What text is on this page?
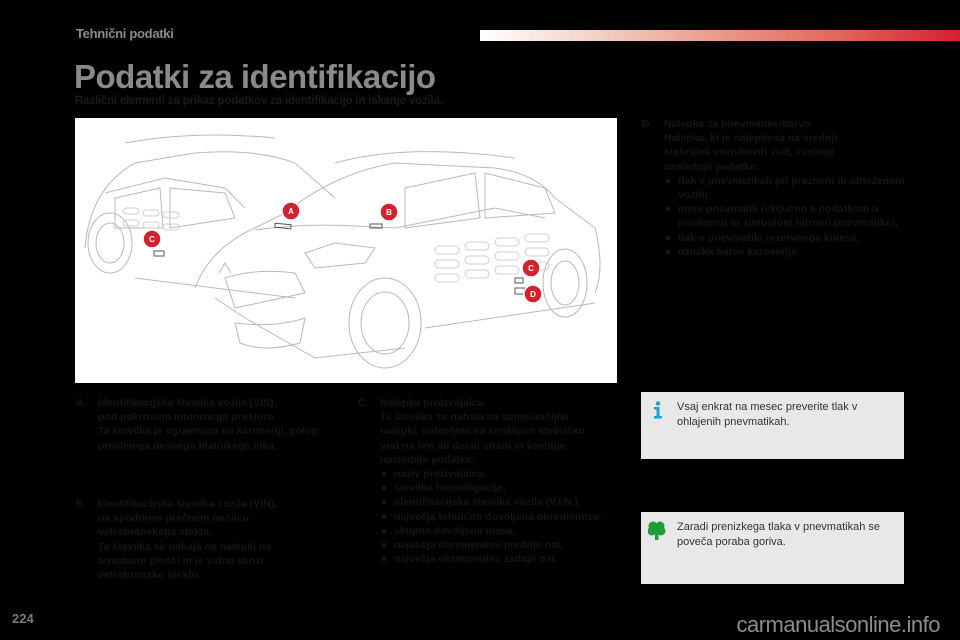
Tehnični podatki
Podatki za identifikacijo
Različni elementi za prikaz podatkov za identifikacijo in iskanje vozila.
A	B
C
C
D
D. Nalepka za pnevmatike/barvo
Nalepka, ki je nalepljena na srednji
stebriček voznikovih vrat, vsebuje
naslednje podatke:
tlak v pnevmatikah pri praznem in obteženem vozilu
mere pnevmatik (vključno s podatkom o nosilnosti in simbolom hitrosti pnevmatike),
tlak v pnevmatiki rezervnega kolesa,
oznaka barve karoserije.
A. Identifikacijska številka vozila (VIS),
pod pokrovom motornega prostora
Ta številka je vgravirana na karoseriji, poleg
prevlejega desnega blatnikega loka.
B. Identifikacijska številka vozila (VIN),
na spodnjem prečnem nosilcu
vetrobranskega stekla.
Ta številka se nahaja na nalepki na
armaturni plošči in je vidna skozi
vetrobransko steklo.
C. Nalepka proizvajalca
Ta številka se nahaja na samouničljivi
nalepki, nalepljeni na srednjem stebričku
vrat na levi ali desni strani in vsebuje
naslednje podatke:
naziv proizvajalca,
številka homologacije,
identifikacijska številka vozila (V.I.N.),
največja tehnično dovoljena obremenitev,
skupna dovoljena masa,
največja obremenitev prednje osi,
največja obremenitev zadnje osi.
Vsaj enkrat na mesec preverite tlak v ohlajenih pnevmatikah.
Zaradi prenizkega tlaka v pnevmatikah se poveča poraba goriva.
224	carmanualsonline.info
